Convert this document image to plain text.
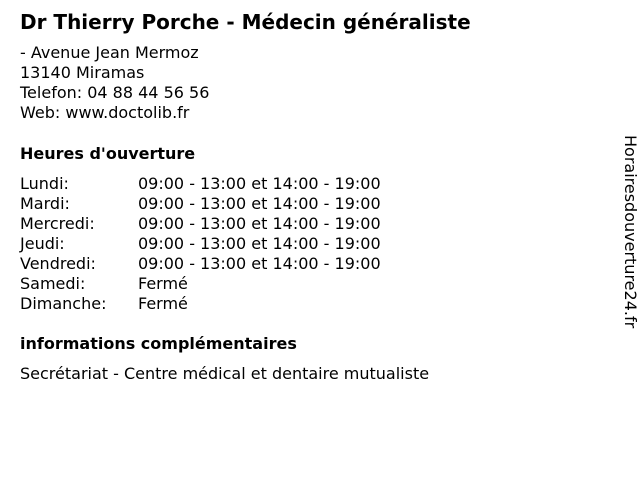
Dr Thierry Porche - Médecin généraliste
- Avenue Jean Mermoz
13140 Miramas
Telefon: 04 88 44 56 56
Web: www.doctolib.fr
Heures d'ouverture
Lundi:	09:00 - 13:00 et 14:00 - 19:00
Mardi:	09:00 - 13:00 et 14:00 - 19:00
Mercredi:	09:00 - 13:00 et 14:00 - 19:00
Jeudi:	09:00 - 13:00 et 14:00 - 19:00
Vendredi:	09:00 - 13:00 et 14:00 - 19:00
Samedi:	Fermé
Dimanche:	Fermé
informations complémentaires
Secrétariat - Centre médical et dentaire mutualiste
Horairesdouverture24.fr
